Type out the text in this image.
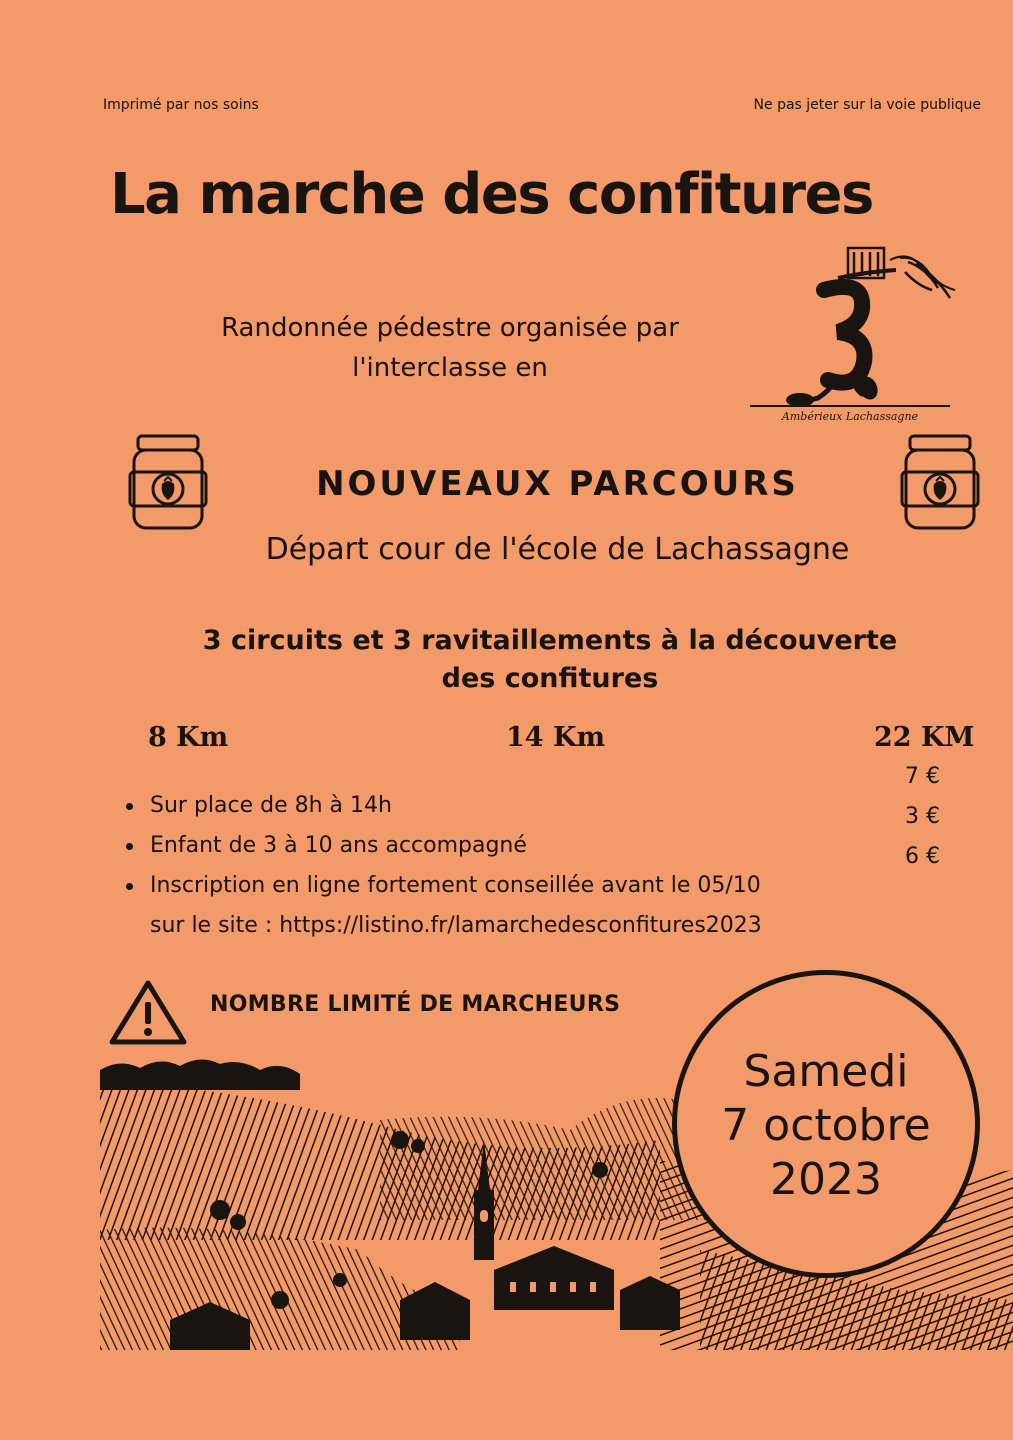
Imprimé par nos soins	Ne pas jeter sur la voie publique
La marche des confitures
Randonnée pédestre organisée par
l'interclasse en
Ambérieux Lachassagne
NOUVEAUX PARCOURS
Départ cour de l'école de Lachassagne
3 circuits et 3 ravitaillements à la découverte
des confitures
8 Km	14 Km	22 KM
7 €
3 €
6 €
Sur place de 8h à 14h
Enfant de 3 à 10 ans accompagné
Inscription en ligne fortement conseillée avant le 05/10
sur le site : https://listino.fr/lamarchedesconfitures2023
NOMBRE LIMITÉ DE MARCHEURS
Samedi
7 octobre
2023
